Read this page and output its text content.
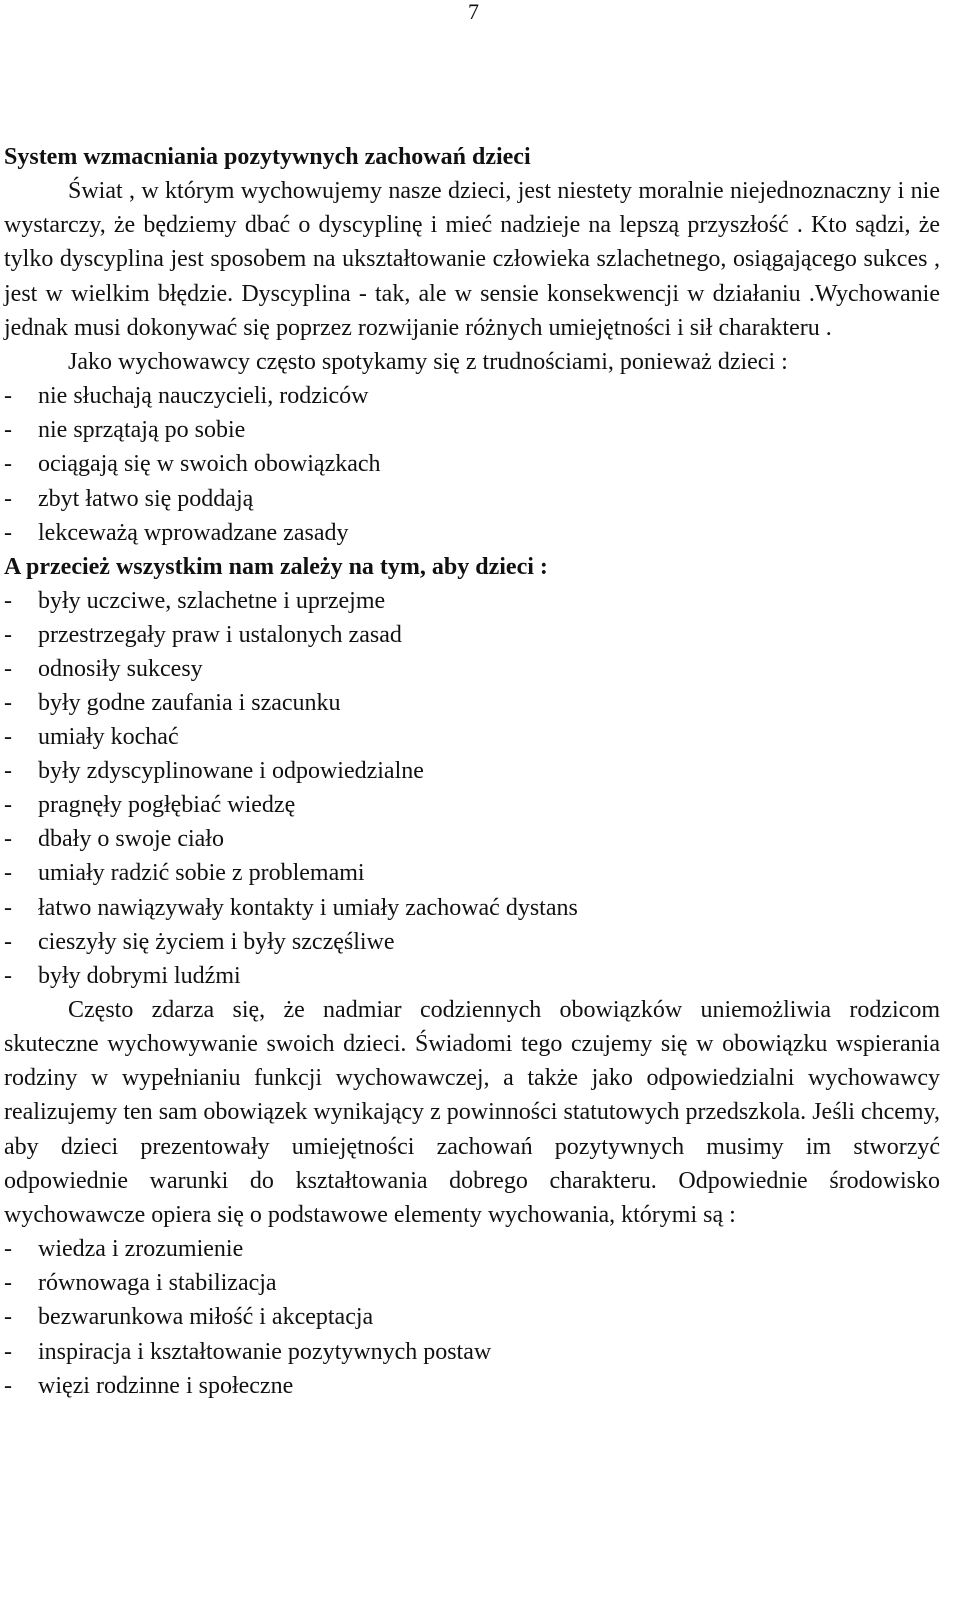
7

System wzmacniania pozytywnych zachowań dzieci

Świat , w którym wychowujemy nasze dzieci, jest niestety moralnie niejednoznaczny i nie wystarczy, że będziemy dbać o dyscyplinę i mieć nadzieje na lepszą przyszłość . Kto sądzi, że tylko dyscyplina jest sposobem na ukształtowanie człowieka szlachetnego, osiągającego sukces , jest w wielkim błędzie. Dyscyplina - tak, ale w sensie konsekwencji w działaniu .Wychowanie jednak musi dokonywać się poprzez rozwijanie różnych umiejętności i sił charakteru .

Jako wychowawcy często spotykamy się z trudnościami, ponieważ dzieci :

-	nie słuchają nauczycieli, rodziców
-	nie sprzątają po sobie
-	ociągają się w swoich obowiązkach
-	zbyt łatwo się poddają
-	lekceważą wprowadzane zasady

A przecież wszystkim nam zależy na tym, aby dzieci :

-	były uczciwe, szlachetne i uprzejme
-	przestrzegały praw i ustalonych zasad
-	odnosiły sukcesy
-	były godne zaufania i szacunku
-	umiały kochać
-	były zdyscyplinowane i odpowiedzialne
-	pragnęły pogłębiać wiedzę
-	dbały o swoje ciało
-	umiały radzić sobie z problemami
-	łatwo nawiązywały kontakty i umiały zachować dystans
-	cieszyły się życiem i były szczęśliwe
-	były dobrymi ludźmi

Często zdarza się, że nadmiar codziennych obowiązków uniemożliwia rodzicom skuteczne wychowywanie swoich dzieci. Świadomi tego czujemy się w obowiązku wspierania rodziny w wypełnianiu funkcji wychowawczej, a także jako odpowiedzialni wychowawcy realizujemy ten sam obowiązek wynikający z powinności statutowych przedszkola. Jeśli chcemy, aby dzieci prezentowały umiejętności zachowań pozytywnych musimy im stworzyć odpowiednie warunki do kształtowania dobrego charakteru. Odpowiednie środowisko wychowawcze opiera się o podstawowe elementy wychowania, którymi są :

-	wiedza i zrozumienie
-	równowaga i stabilizacja
-	bezwarunkowa miłość i akceptacja
-	inspiracja i kształtowanie pozytywnych postaw
-	więzi rodzinne i społeczne
